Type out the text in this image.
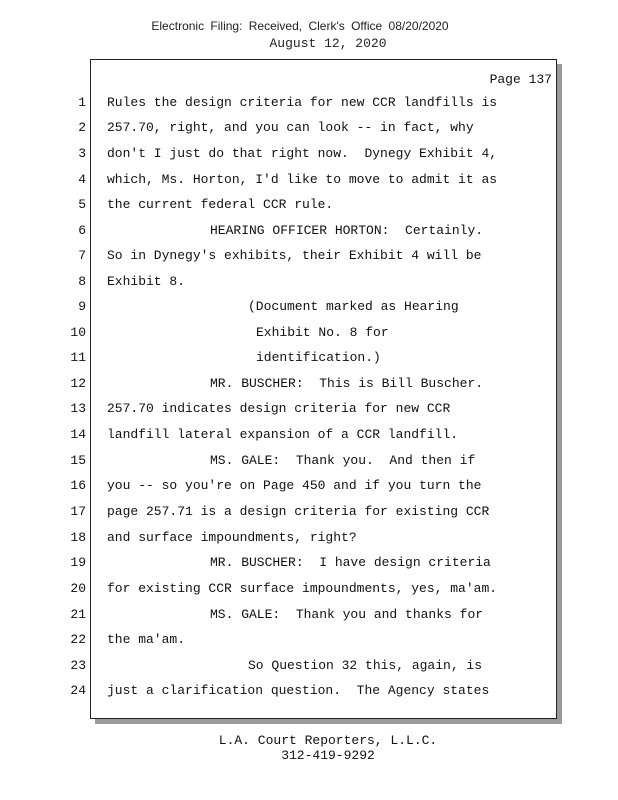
Electronic Filing: Received, Clerk's Office 08/20/2020
August 12, 2020
Page 137
1 Rules the design criteria for new CCR landfills is
2 257.70, right, and you can look -- in fact, why
3 don't I just do that right now.  Dynegy Exhibit 4,
4 which, Ms. Horton, I'd like to move to admit it as
5 the current federal CCR rule.
6	HEARING OFFICER HORTON:  Certainly.
7 So in Dynegy's exhibits, their Exhibit 4 will be
8 Exhibit 8.
9	(Document marked as Hearing
10	Exhibit No. 8 for
11	identification.)
12	MR. BUSCHER:  This is Bill Buscher.
13 257.70 indicates design criteria for new CCR
14 landfill lateral expansion of a CCR landfill.
15	MS. GALE:  Thank you.  And then if
16 you -- so you're on Page 450 and if you turn the
17 page 257.71 is a design criteria for existing CCR
18 and surface impoundments, right?
19	MR. BUSCHER:  I have design criteria
20 for existing CCR surface impoundments, yes, ma'am.
21	MS. GALE:  Thank you and thanks for
22 the ma'am.
23	So Question 32 this, again, is
24 just a clarification question.  The Agency states
L.A. Court Reporters, L.L.C.
312-419-9292
